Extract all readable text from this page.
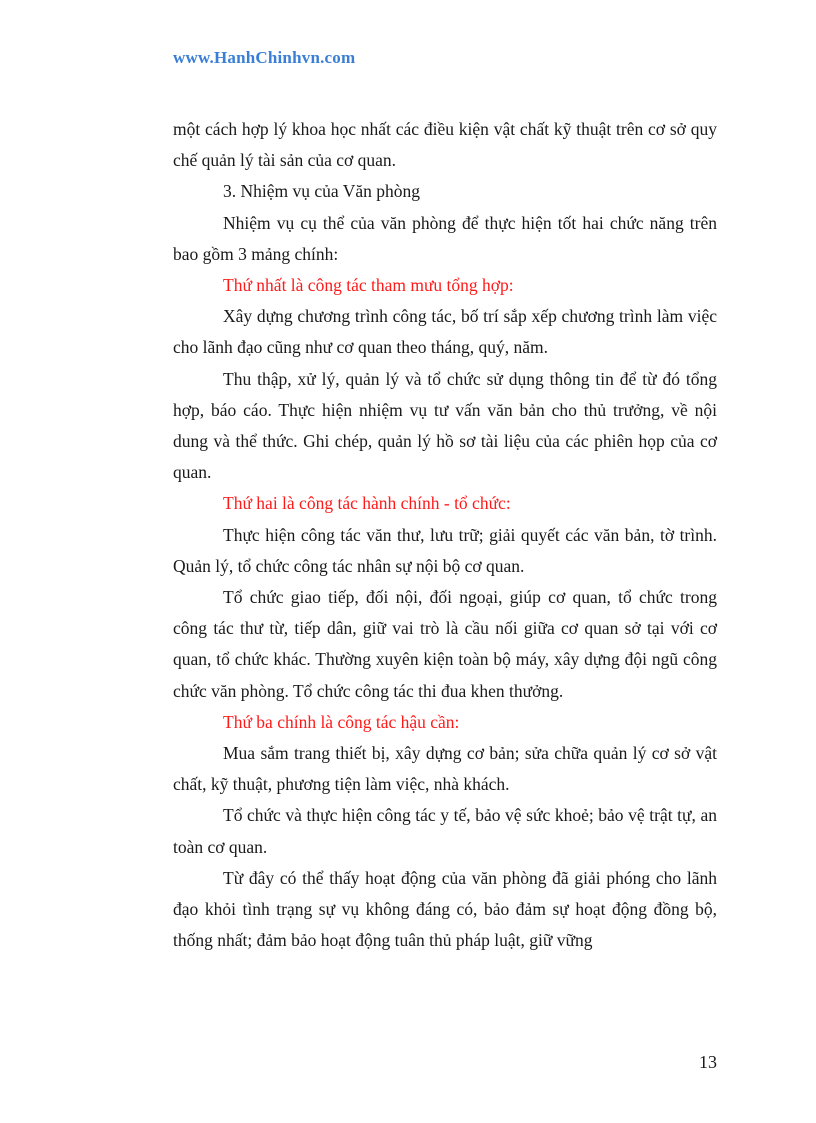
www.HanhChinhvn.com

một cách hợp lý khoa học nhất các điều kiện vật chất kỹ thuật trên cơ sở quy chế quản lý tài sản của cơ quan.

3. Nhiệm vụ của Văn phòng

Nhiệm vụ cụ thể của văn phòng để thực hiện tốt hai chức năng trên bao gồm 3 mảng chính:

Thứ nhất là công tác tham mưu tổng hợp:

Xây dựng chương trình công tác, bố trí sắp xếp chương trình làm việc cho lãnh đạo cũng như cơ quan theo tháng, quý, năm.

Thu thập, xử lý, quản lý và tổ chức sử dụng thông tin để từ đó tổng hợp, báo cáo. Thực hiện nhiệm vụ tư vấn văn bản cho thủ trưởng, về nội dung và thể thức. Ghi chép, quản lý hồ sơ tài liệu của các phiên họp của cơ quan.

Thứ hai là công tác hành chính - tổ chức:

Thực hiện công tác văn thư, lưu trữ; giải quyết các văn bản, tờ trình. Quản lý, tổ chức công tác nhân sự nội bộ cơ quan.

Tổ chức giao tiếp, đối nội, đối ngoại, giúp cơ quan, tổ chức trong công tác thư từ, tiếp dân, giữ vai trò là cầu nối giữa cơ quan sở tại với cơ quan, tổ chức khác. Thường xuyên kiện toàn bộ máy, xây dựng đội ngũ công chức văn phòng. Tổ chức công tác thi đua khen thưởng.

Thứ ba chính là công tác hậu cần:

Mua sắm trang thiết bị, xây dựng cơ bản; sửa chữa quản lý cơ sở vật chất, kỹ thuật, phương tiện làm việc, nhà khách.

Tổ chức và thực hiện công tác y tế, bảo vệ sức khoẻ; bảo vệ trật tự, an toàn cơ quan.

Từ đây có thể thấy hoạt động của văn phòng đã giải phóng cho lãnh đạo khỏi tình trạng sự vụ không đáng có, bảo đảm sự hoạt động đồng bộ, thống nhất; đảm bảo hoạt động tuân thủ pháp luật, giữ vững

13
